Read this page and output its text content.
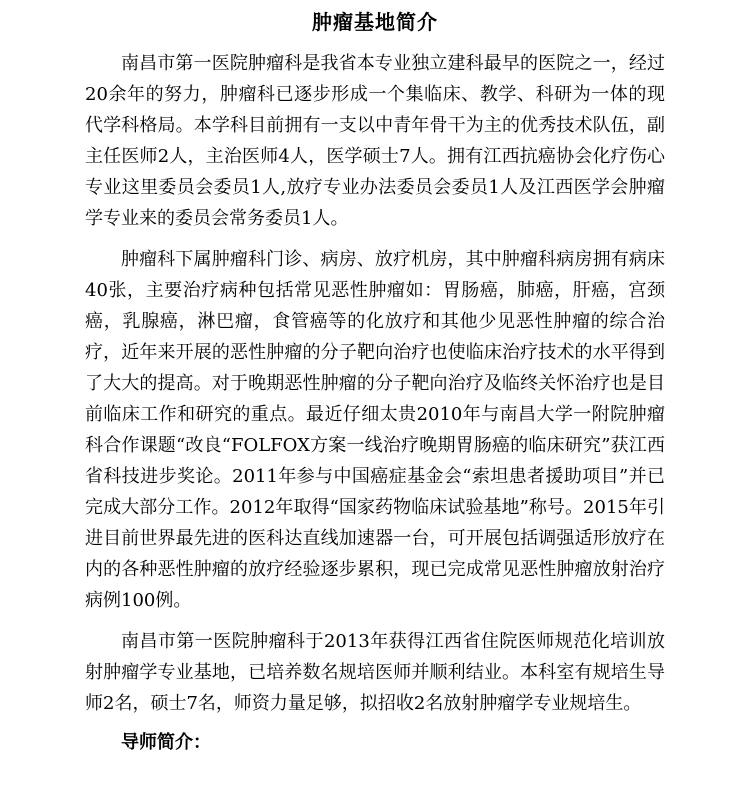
肿瘤基地简介

南昌市第一医院肿瘤科是我省本专业独立建科最早的医院之一，经过20余年的努力，肿瘤科已逐步形成一个集临床、教学、科研为一体的现代学科格局。本学科目前拥有一支以中青年骨干为主的优秀技术队伍，副主任医师2人，主治医师4人，医学硕士7人。拥有江西抗癌协会化疗伤心专业这里委员会委员1人,放疗专业办法委员会委员1人及江西医学会肿瘤学专业来的委员会常务委员1人。

肿瘤科下属肿瘤科门诊、病房、放疗机房，其中肿瘤科病房拥有病床40张，主要治疗病种包括常见恶性肿瘤如：胃肠癌，肺癌，肝癌，宫颈癌，乳腺癌，淋巴瘤，食管癌等的化放疗和其他少见恶性肿瘤的综合治疗，近年来开展的恶性肿瘤的分子靶向治疗也使临床治疗技术的水平得到了大大的提高。对于晚期恶性肿瘤的分子靶向治疗及临终关怀治疗也是目前临床工作和研究的重点。最近仔细太贵2010年与南昌大学一附院肿瘤科合作课题“改良“FOLFOX方案一线治疗晚期胃肠癌的临床研究”获江西省科技进步奖论。2011年参与中国癌症基金会“索坦患者援助项目”并已完成大部分工作。2012年取得“国家药物临床试验基地”称号。2015年引进目前世界最先进的医科达直线加速器一台，可开展包括调强适形放疗在内的各种恶性肿瘤的放疗经验逐步累积，现已完成常见恶性肿瘤放射治疗病例100例。

南昌市第一医院肿瘤科于2013年获得江西省住院医师规范化培训放射肿瘤学专业基地，已培养数名规培医师并顺利结业。本科室有规培生导师2名，硕士7名，师资力量足够，拟招收2名放射肿瘤学专业规培生。

导师简介：
